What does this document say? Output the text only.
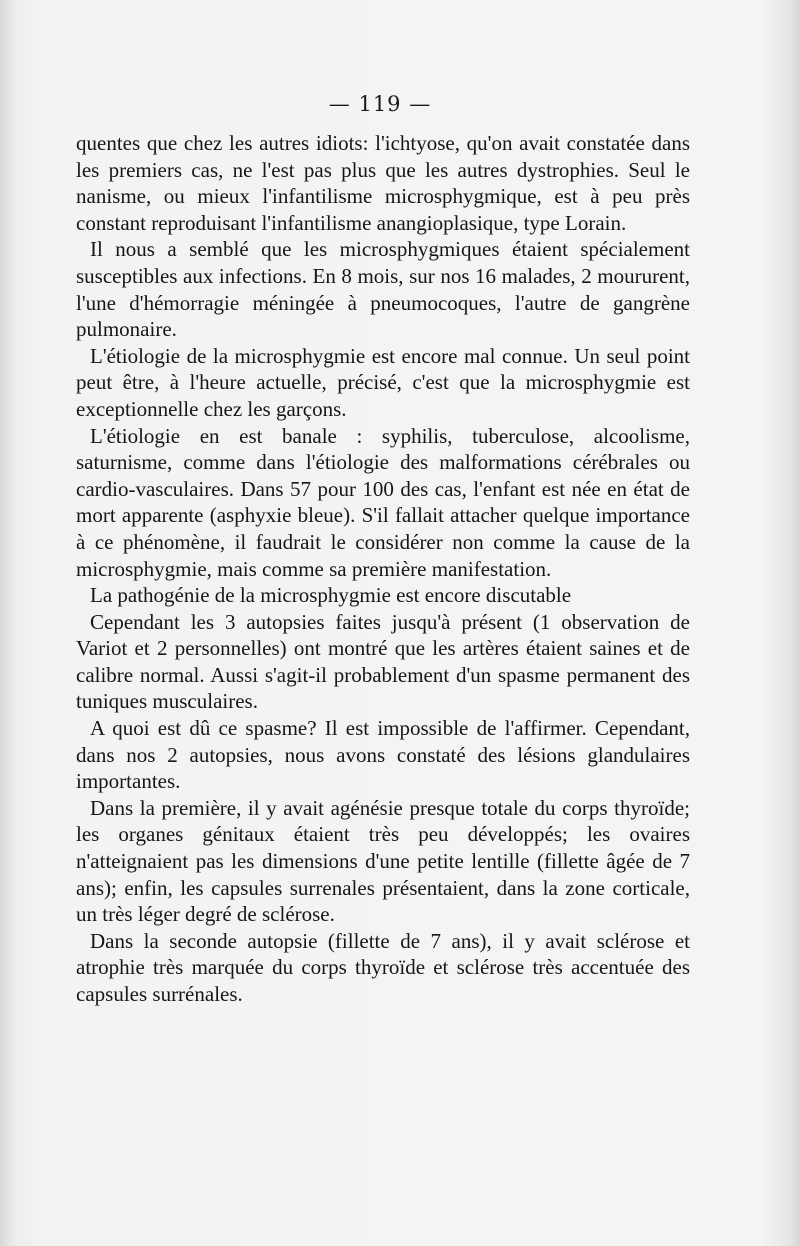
— 119 —

quentes que chez les autres idiots: l'ichtyose, qu'on avait constatée dans les premiers cas, ne l'est pas plus que les autres dystrophies. Seul le nanisme, ou mieux l'infantilisme microsphygmique, est à peu près constant reproduisant l'infantilisme anangioplasique, type Lorain.

Il nous a semblé que les microsphygmiques étaient spécialement susceptibles aux infections. En 8 mois, sur nos 16 malades, 2 moururent, l'une d'hémorragie méningée à pneumocoques, l'autre de gangrène pulmonaire.

L'étiologie de la microsphygmie est encore mal connue. Un seul point peut être, à l'heure actuelle, précisé, c'est que la microsphygmie est exceptionnelle chez les garçons.

L'étiologie en est banale : syphilis, tuberculose, alcoolisme, saturnisme, comme dans l'étiologie des malformations cérébrales ou cardio-vasculaires. Dans 57 pour 100 des cas, l'enfant est née en état de mort apparente (asphyxie bleue). S'il fallait attacher quelque importance à ce phénomène, il faudrait le considérer non comme la cause de la microsphygmie, mais comme sa première manifestation.

La pathogénie de la microsphygmie est encore discutable

Cependant les 3 autopsies faites jusqu'à présent (1 observation de Variot et 2 personnelles) ont montré que les artères étaient saines et de calibre normal. Aussi s'agit-il probablement d'un spasme permanent des tuniques musculaires.

A quoi est dû ce spasme? Il est impossible de l'affirmer. Cependant, dans nos 2 autopsies, nous avons constaté des lésions glandulaires importantes.

Dans la première, il y avait agénésie presque totale du corps thyroïde; les organes génitaux étaient très peu développés; les ovaires n'atteignaient pas les dimensions d'une petite lentille (fillette âgée de 7 ans); enfin, les capsules surrenales présentaient, dans la zone corticale, un très léger degré de sclérose.

Dans la seconde autopsie (fillette de 7 ans), il y avait sclérose et atrophie très marquée du corps thyroïde et sclérose très accentuée des capsules surrénales.
